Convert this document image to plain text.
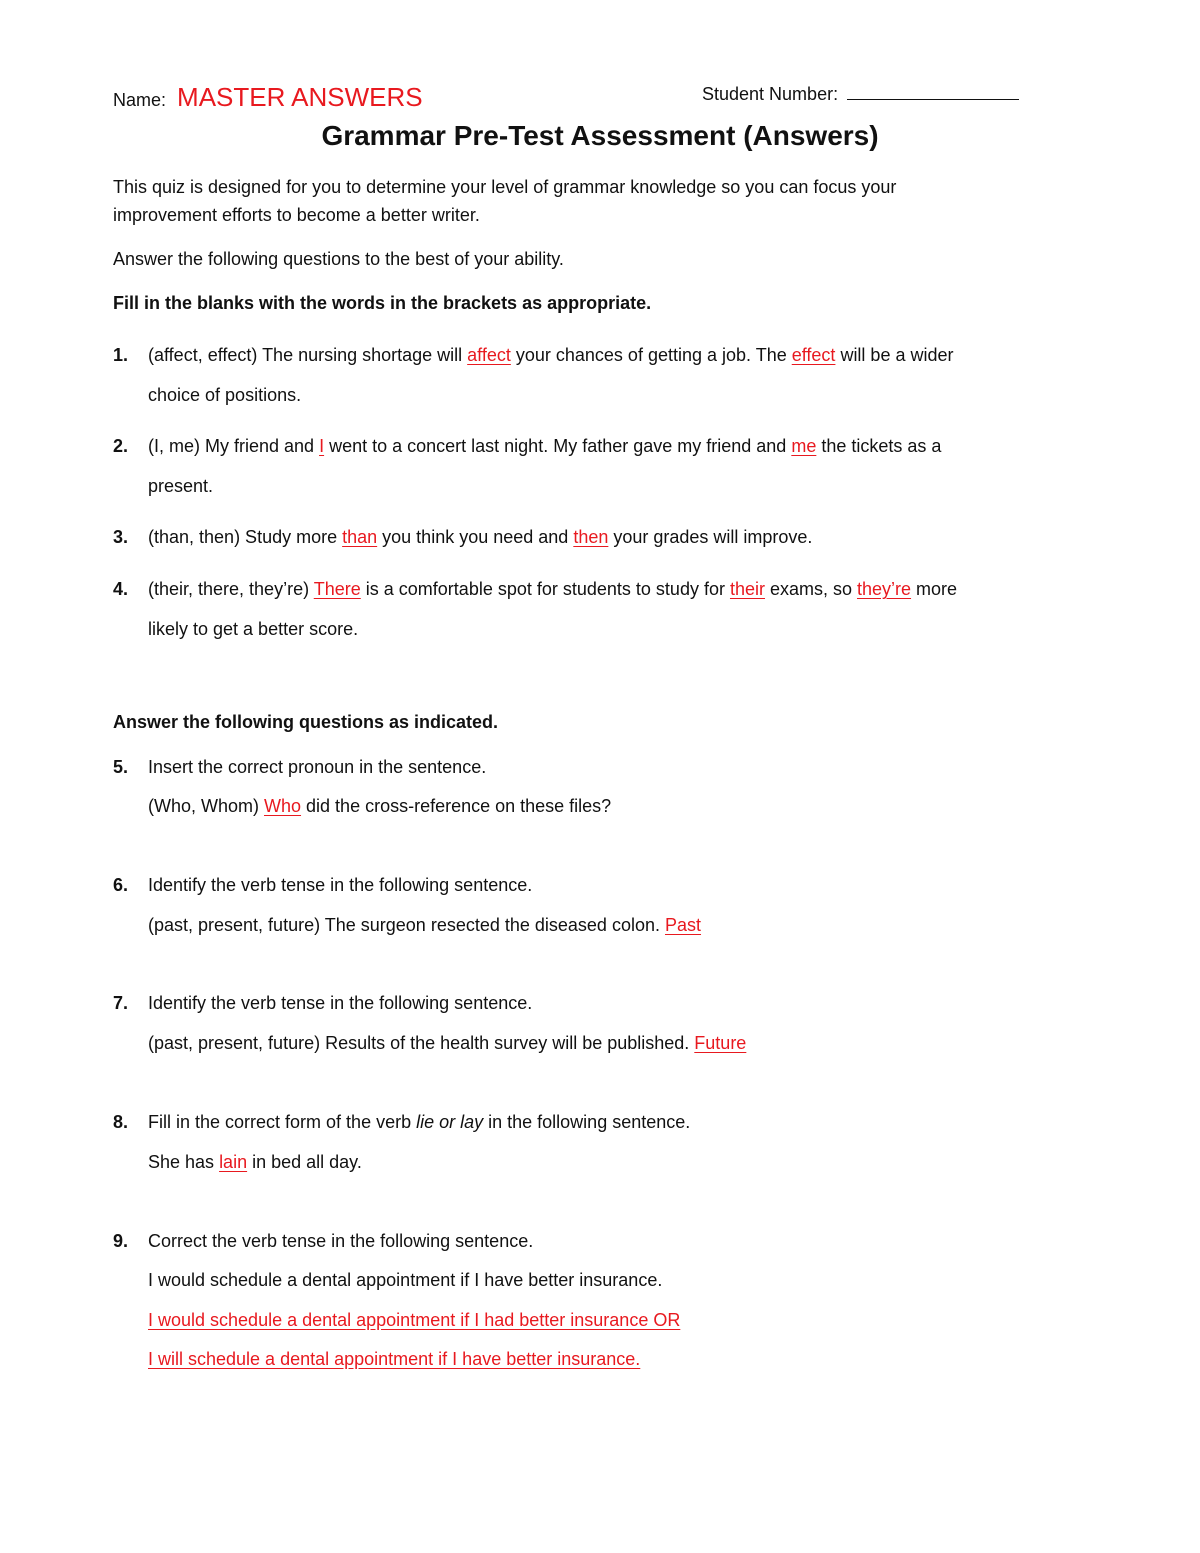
Name: MASTER ANSWERS	Student Number:
Grammar Pre-Test Assessment (Answers)
This quiz is designed for you to determine your level of grammar knowledge so you can focus your
improvement efforts to become a better writer.
Answer the following questions to the best of your ability.
Fill in the blanks with the words in the brackets as appropriate.
1. (affect, effect) The nursing shortage will affect your chances of getting a job. The effect will be a wider
choice of positions.
2. (I, me) My friend and I went to a concert last night. My father gave my friend and me the tickets as a
present.
3. (than, then) Study more than you think you need and then your grades will improve.
4. (their, there, they’re) There is a comfortable spot for students to study for their exams, so they’re more
likely to get a better score.
Answer the following questions as indicated.
5. Insert the correct pronoun in the sentence.
(Who, Whom) Who did the cross-reference on these files?
6. Identify the verb tense in the following sentence.
(past, present, future) The surgeon resected the diseased colon. Past
7. Identify the verb tense in the following sentence.
(past, present, future) Results of the health survey will be published. Future
8. Fill in the correct form of the verb lie or lay in the following sentence.
She has lain in bed all day.
9. Correct the verb tense in the following sentence.
I would schedule a dental appointment if I have better insurance.
I would schedule a dental appointment if I had better insurance OR
I will schedule a dental appointment if I have better insurance.
